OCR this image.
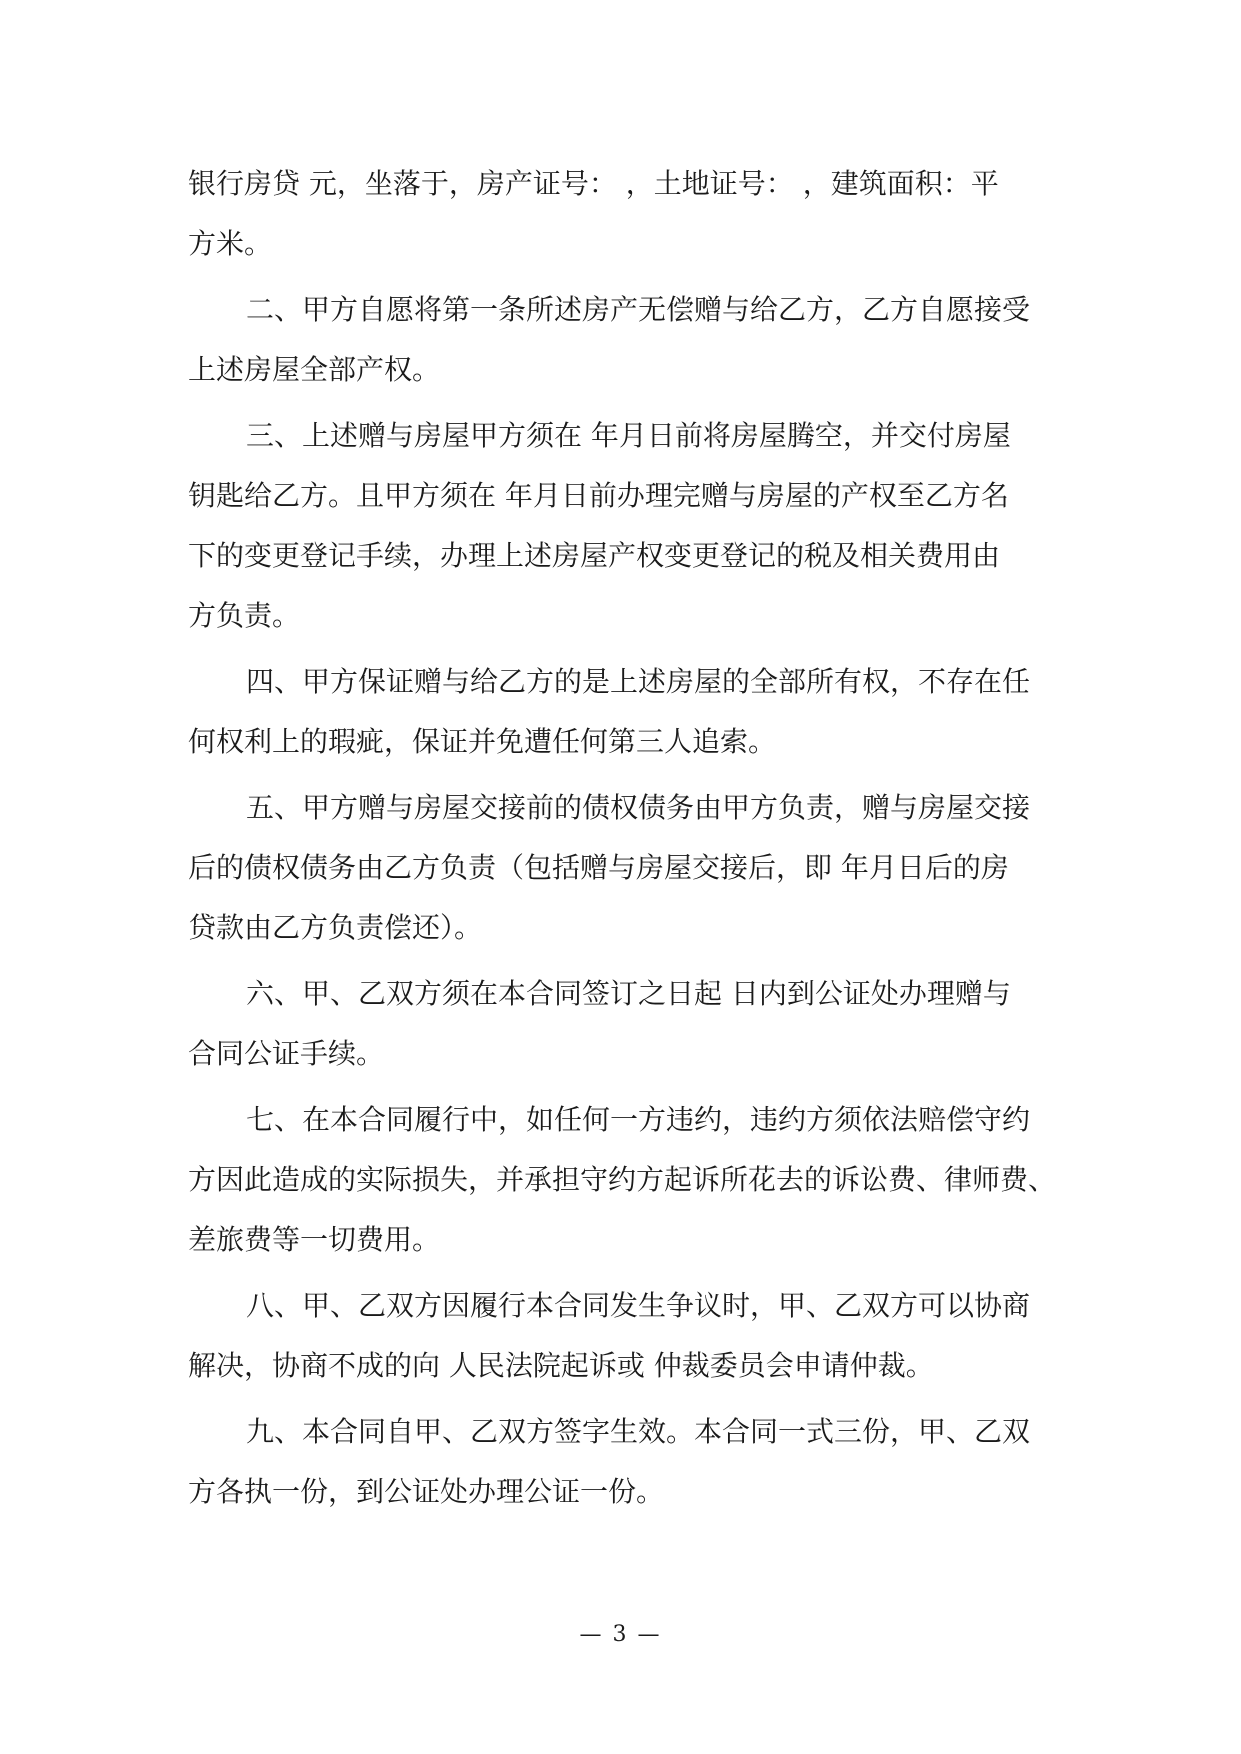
银行房贷 元，坐落于，房产证号： ，土地证号： ，建筑面积：平
方米。
二、甲方自愿将第一条所述房产无偿赠与给乙方，乙方自愿接受
上述房屋全部产权。
三、上述赠与房屋甲方须在 年月日前将房屋腾空，并交付房屋
钥匙给乙方。且甲方须在 年月日前办理完赠与房屋的产权至乙方名
下的变更登记手续，办理上述房屋产权变更登记的税及相关费用由
方负责。
四、甲方保证赠与给乙方的是上述房屋的全部所有权，不存在任
何权利上的瑕疵，保证并免遭任何第三人追索。
五、甲方赠与房屋交接前的债权债务由甲方负责，赠与房屋交接
后的债权债务由乙方负责（包括赠与房屋交接后，即 年月日后的房
贷款由乙方负责偿还）。
六、甲、乙双方须在本合同签订之日起 日内到公证处办理赠与
合同公证手续。
七、在本合同履行中，如任何一方违约，违约方须依法赔偿守约
方因此造成的实际损失，并承担守约方起诉所花去的诉讼费、律师费、
差旅费等一切费用。
八、甲、乙双方因履行本合同发生争议时，甲、乙双方可以协商
解决，协商不成的向 人民法院起诉或 仲裁委员会申请仲裁。
九、本合同自甲、乙双方签字生效。本合同一式三份，甲、乙双
方各执一份，到公证处办理公证一份。
— 3 —
